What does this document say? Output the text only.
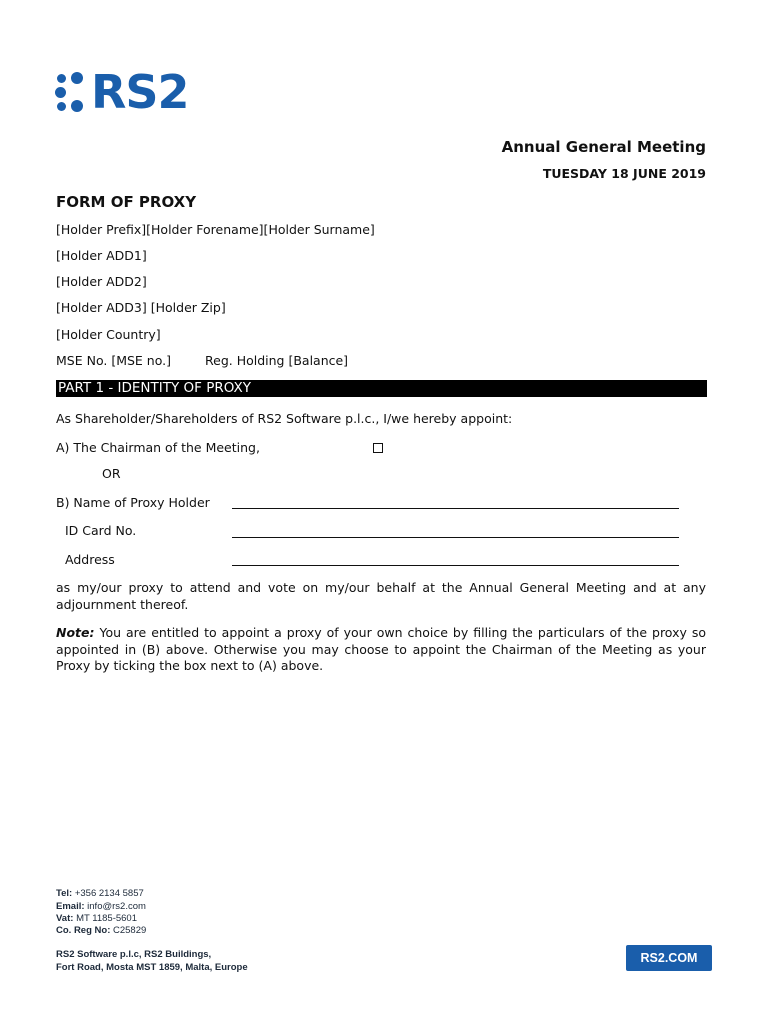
RS2
Annual General Meeting
TUESDAY 18 JUNE 2019
FORM OF PROXY
[Holder Prefix][Holder Forename][Holder Surname]
[Holder ADD1]
[Holder ADD2]
[Holder ADD3] [Holder Zip]
[Holder Country]
MSE No. [MSE no.]	Reg. Holding [Balance]
PART 1 - IDENTITY OF PROXY
As Shareholder/Shareholders of RS2 Software p.l.c., I/we hereby appoint:
A) The Chairman of the Meeting,
OR
B) Name of Proxy Holder
ID Card No.
Address
as my/our proxy to attend and vote on my/our behalf at the Annual General Meeting and at any adjournment thereof.
Note: You are entitled to appoint a proxy of your own choice by filling the particulars of the proxy so appointed in (B) above. Otherwise you may choose to appoint the Chairman of the Meeting as your Proxy by ticking the box next to (A) above.
Tel: +356 2134 5857
Email: info@rs2.com
Vat: MT 1185-5601
Co. Reg No: C25829
RS2 Software p.l.c, RS2 Buildings,
Fort Road, Mosta MST 1859, Malta, Europe
RS2.COM
